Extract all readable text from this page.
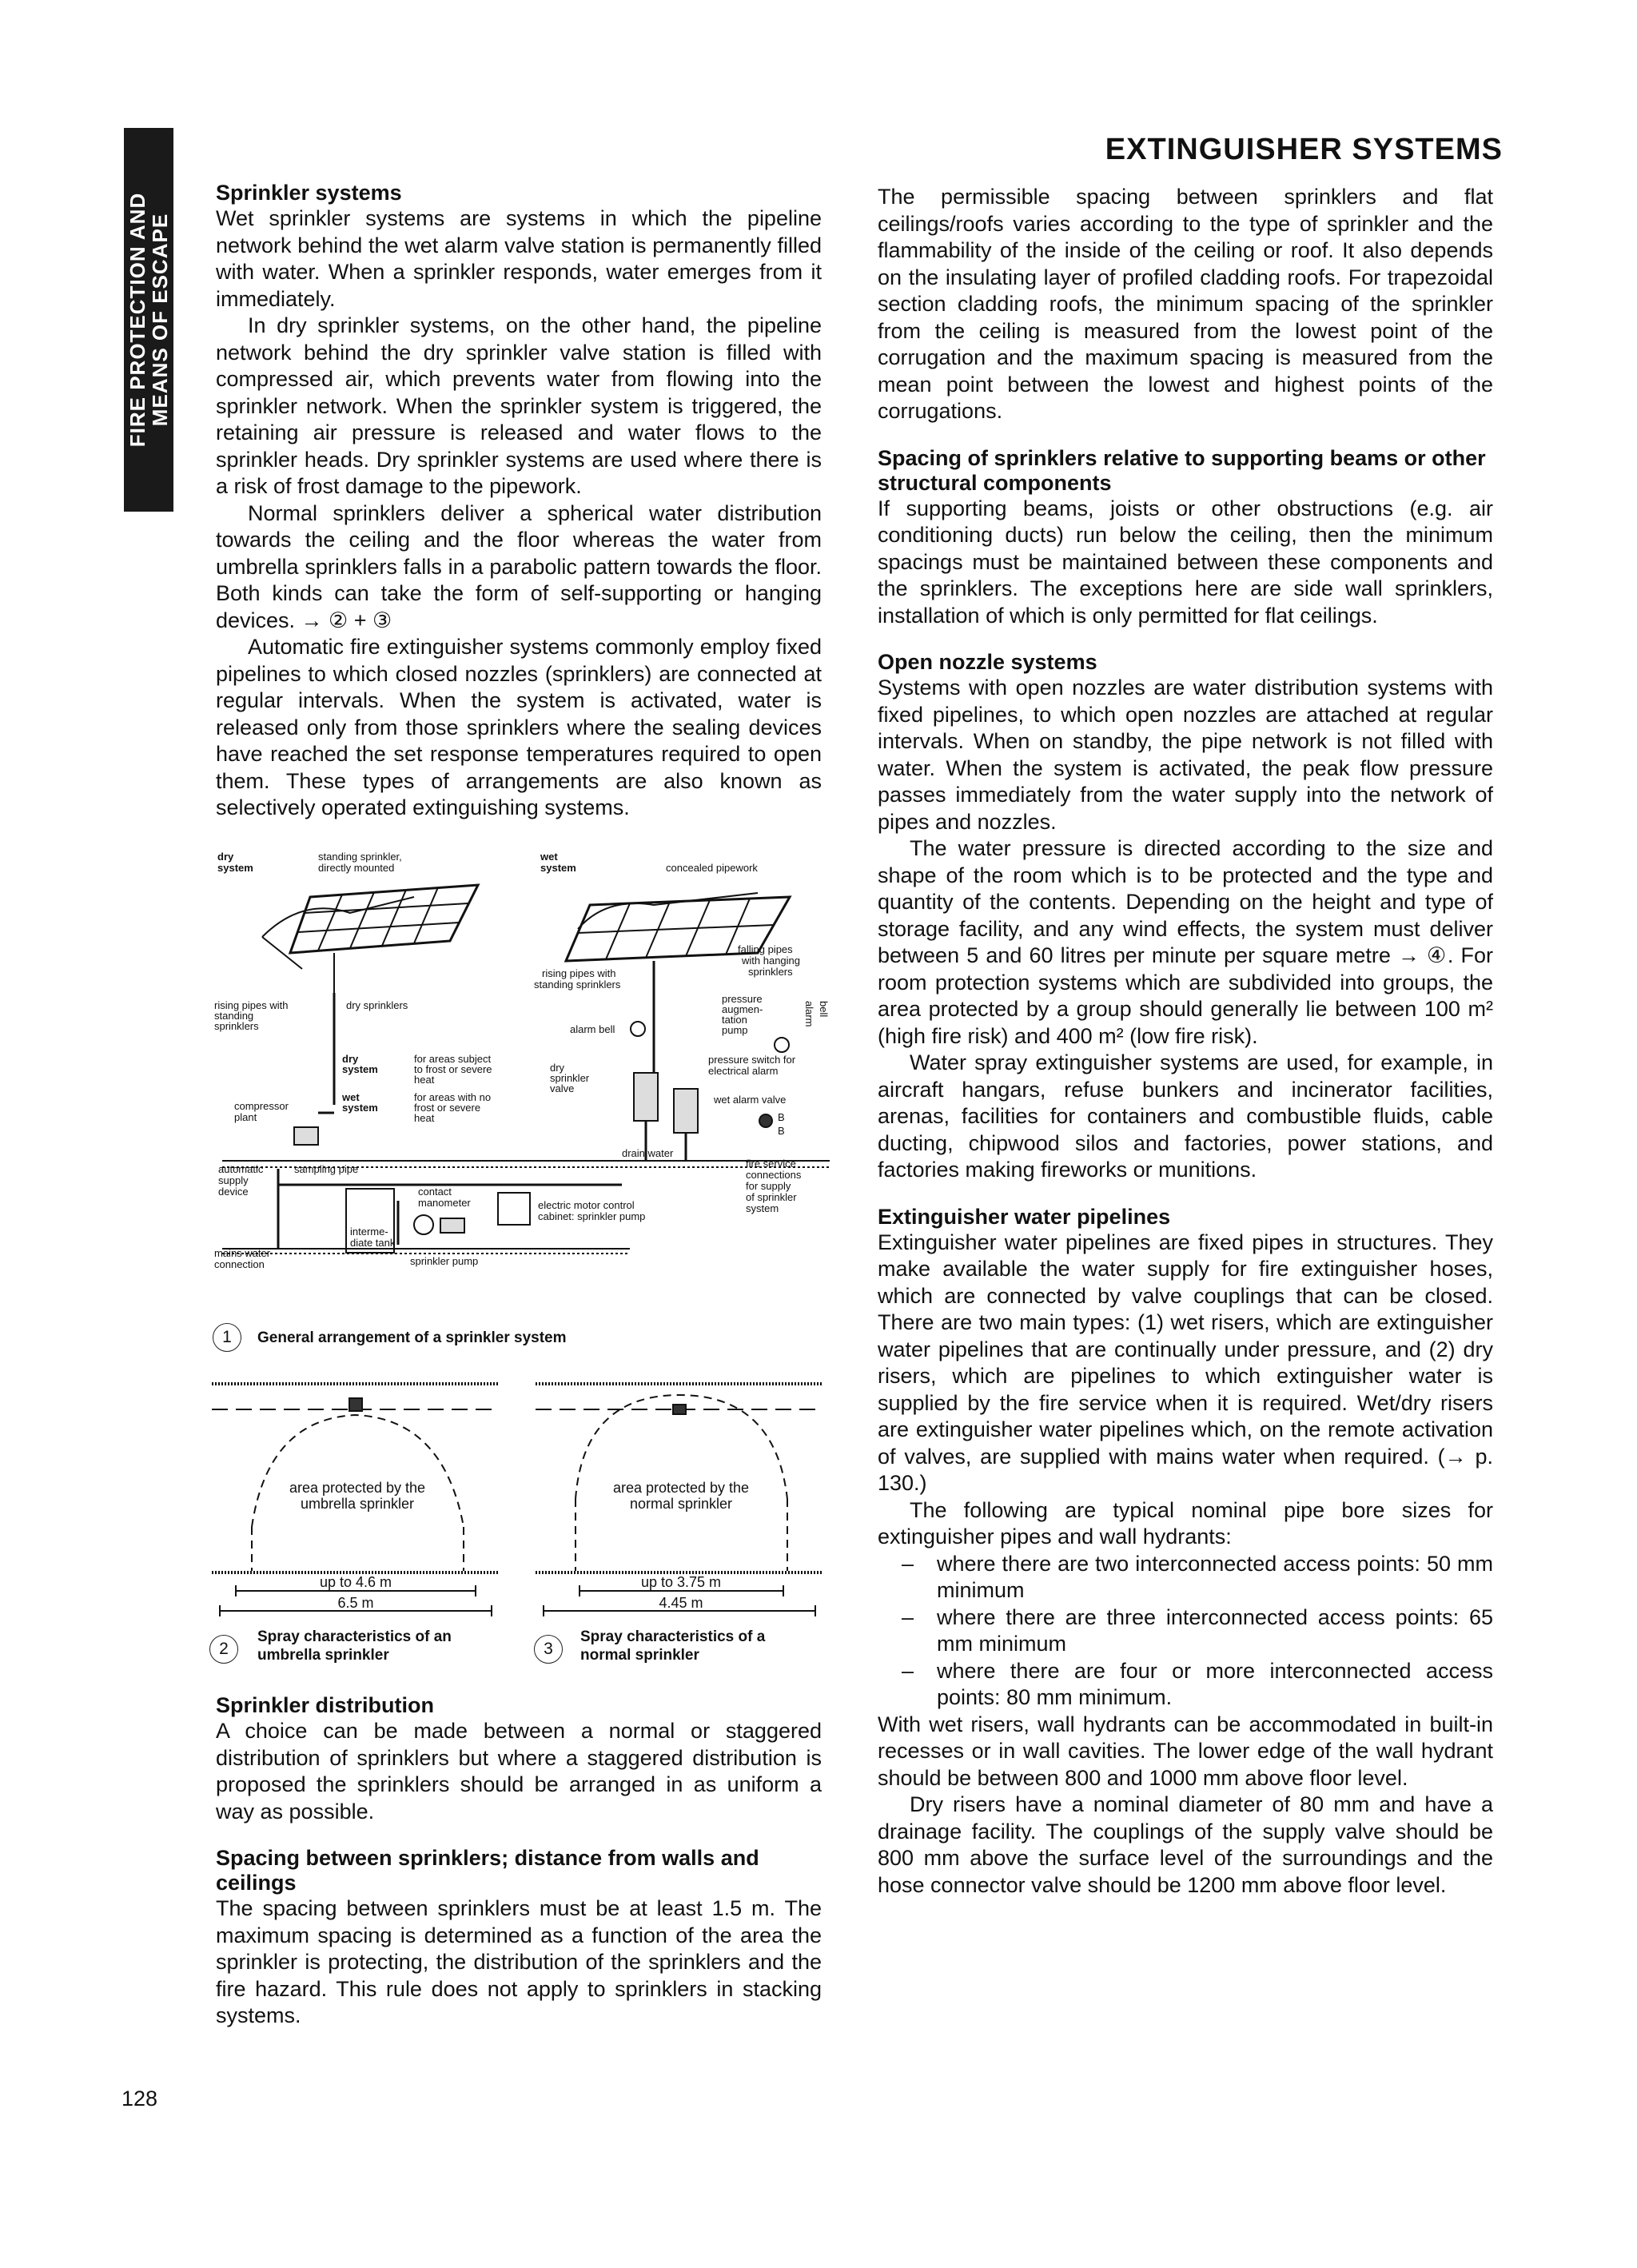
FIRE PROTECTION AND
MEANS OF ESCAPE
EXTINGUISHER SYSTEMS
Sprinkler systems

Wet sprinkler systems are systems in which the pipeline network behind the wet alarm valve station is permanently filled with water. When a sprinkler responds, water emerges from it immediately.

In dry sprinkler systems, on the other hand, the pipeline network behind the dry sprinkler valve station is filled with compressed air, which prevents water from flowing into the sprinkler network. When the sprinkler system is triggered, the retaining air pressure is released and water flows to the sprinkler heads. Dry sprinkler systems are used where there is a risk of frost damage to the pipework.

Normal sprinklers deliver a spherical water distribution towards the ceiling and the floor whereas the water from umbrella sprinklers falls in a parabolic pattern towards the floor. Both kinds can take the form of self-supporting or hanging devices. → ② + ③

Automatic fire extinguisher systems commonly employ fixed pipelines to which closed nozzles (sprinklers) are connected at regular intervals. When the system is activated, water is released only from those sprinklers where the sealing devices have reached the set response temperatures required to open them. These types of arrangements are also known as selectively operated extinguishing systems.

dry
system
standing sprinkler,
directly mounted
wet
system	concealed pipework
falling pipes
with hanging
sprinklers
rising pipes with
standing sprinklers
rising pipes with
standing
sprinklers
dry sprinklers
alarm bell
pressure
augmen-
tation
pump
alarm bell
dry
system
for areas subject
to frost or severe
heat
wet
system
for areas with no
frost or severe
heat
dry
sprinkler
valve
pressure switch for
electrical alarm
wet alarm valve
B
B
compressor
plant
drain water
automatic
supply
device
sampling pipe
contact
manometer
interme-
diate tank
electric motor control
cabinet: sprinkler pump
fire service
connections
for supply
of sprinkler
system
mains water
connection	sprinkler pump
1	General arrangement of a sprinkler system
area protected by the
umbrella sprinkler
up to 4.6 m
6.5 m
2
Spray characteristics of an
umbrella sprinkler
area protected by the
normal sprinkler
up to 3.75 m
4.45 m
3
Spray characteristics of a
normal sprinkler
Sprinkler distribution

A choice can be made between a normal or staggered distribution of sprinklers but where a staggered distribution is proposed the sprinklers should be arranged in as uniform a way as possible.

Spacing between sprinklers; distance from walls and ceilings

The spacing between sprinklers must be at least 1.5 m. The maximum spacing is determined as a function of the area the sprinkler is protecting, the distribution of the sprinklers and the fire hazard. This rule does not apply to sprinklers in stacking systems.

The permissible spacing between sprinklers and flat ceilings/roofs varies according to the type of sprinkler and the flammability of the inside of the ceiling or roof. It also depends on the insulating layer of profiled cladding roofs. For trapezoidal section cladding roofs, the minimum spacing of the sprinkler from the ceiling is measured from the lowest point of the corrugation and the maximum spacing is measured from the mean point between the lowest and highest points of the corrugations.

Spacing of sprinklers relative to supporting beams or other structural components

If supporting beams, joists or other obstructions (e.g. air conditioning ducts) run below the ceiling, then the minimum spacings must be maintained between these components and the sprinklers. The exceptions here are side wall sprinklers, installation of which is only permitted for flat ceilings.

Open nozzle systems

Systems with open nozzles are water distribution systems with fixed pipelines, to which open nozzles are attached at regular intervals. When on standby, the pipe network is not filled with water. When the system is activated, the peak flow pressure passes immediately from the water supply into the network of pipes and nozzles.

The water pressure is directed according to the size and shape of the room which is to be protected and the type and quantity of the contents. Depending on the height and type of storage facility, and any wind effects, the system must deliver between 5 and 60 litres per minute per square metre → ④. For room protection systems which are subdivided into groups, the area protected by a group should generally lie between 100 m² (high fire risk) and 400 m² (low fire risk).

Water spray extinguisher systems are used, for example, in aircraft hangars, refuse bunkers and incinerator facilities, arenas, facilities for containers and combustible fluids, cable ducting, chipwood silos and factories, power stations, and factories making fireworks or munitions.

Extinguisher water pipelines

Extinguisher water pipelines are fixed pipes in structures. They make available the water supply for fire extinguisher hoses, which are connected by valve couplings that can be closed. There are two main types: (1) wet risers, which are extinguisher water pipelines that are continually under pressure, and (2) dry risers, which are pipelines to which extinguisher water is supplied by the fire service when it is required. Wet/dry risers are extinguisher water pipelines which, on the remote activation of valves, are supplied with mains water when required. (→ p. 130.)

The following are typical nominal pipe bore sizes for extinguisher pipes and wall hydrants:

– where there are two interconnected access points: 50 mm minimum
– where there are three interconnected access points: 65 mm minimum
– where there are four or more interconnected access points: 80 mm minimum.

With wet risers, wall hydrants can be accommodated in built-in recesses or in wall cavities. The lower edge of the wall hydrant should be between 800 and 1000 mm above floor level.

Dry risers have a nominal diameter of 80 mm and have a drainage facility. The couplings of the supply valve should be 800 mm above the surface level of the surroundings and the hose connector valve should be 1200 mm above floor level.

128
